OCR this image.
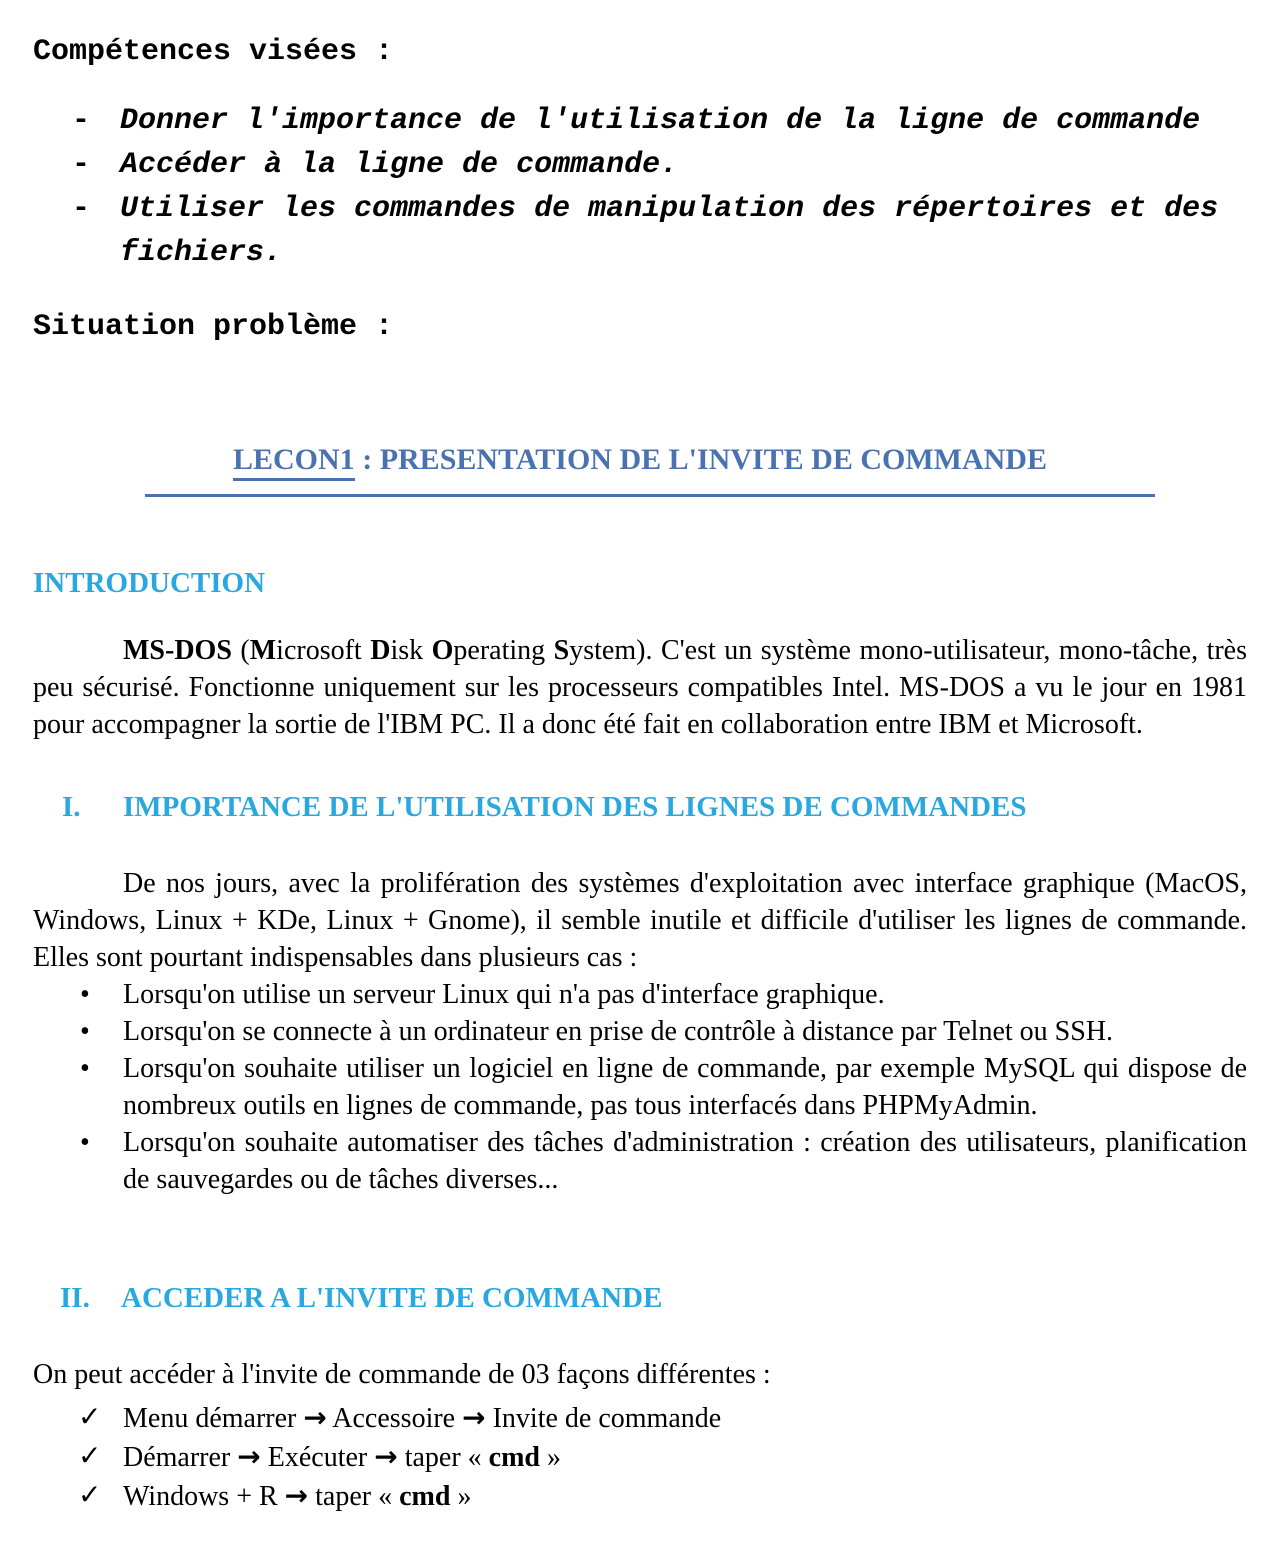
Compétences visées :
- Donner l'importance de l'utilisation de la ligne de commande
- Accéder à la ligne de commande.
- Utiliser les commandes de manipulation des répertoires et des fichiers.
Situation problème :
LECON1 : PRESENTATION DE L'INVITE DE COMMANDE
INTRODUCTION

MS-DOS (Microsoft Disk Operating System). C'est un système mono-utilisateur, mono-tâche, très peu sécurisé. Fonctionne uniquement sur les processeurs compatibles Intel. MS-DOS a vu le jour en 1981 pour accompagner la sortie de l'IBM PC. Il a donc été fait en collaboration entre IBM et Microsoft.

I. IMPORTANCE DE L'UTILISATION DES LIGNES DE COMMANDES

De nos jours, avec la prolifération des systèmes d'exploitation avec interface graphique (MacOS, Windows, Linux + KDe, Linux + Gnome), il semble inutile et difficile d'utiliser les lignes de commande. Elles sont pourtant indispensables dans plusieurs cas :

• Lorsqu'on utilise un serveur Linux qui n'a pas d'interface graphique.
• Lorsqu'on se connecte à un ordinateur en prise de contrôle à distance par Telnet ou SSH.
• Lorsqu'on souhaite utiliser un logiciel en ligne de commande, par exemple MySQL qui dispose de nombreux outils en lignes de commande, pas tous interfacés dans PHPMyAdmin.
• Lorsqu'on souhaite automatiser des tâches d'administration : création des utilisateurs, planification de sauvegardes ou de tâches diverses...
II. ACCEDER A L'INVITE DE COMMANDE

On peut accéder à l'invite de commande de 03 façons différentes :

✓ Menu démarrer → Accessoire → Invite de commande
✓ Démarrer → Exécuter → taper « cmd »
✓ Windows + R → taper « cmd »
